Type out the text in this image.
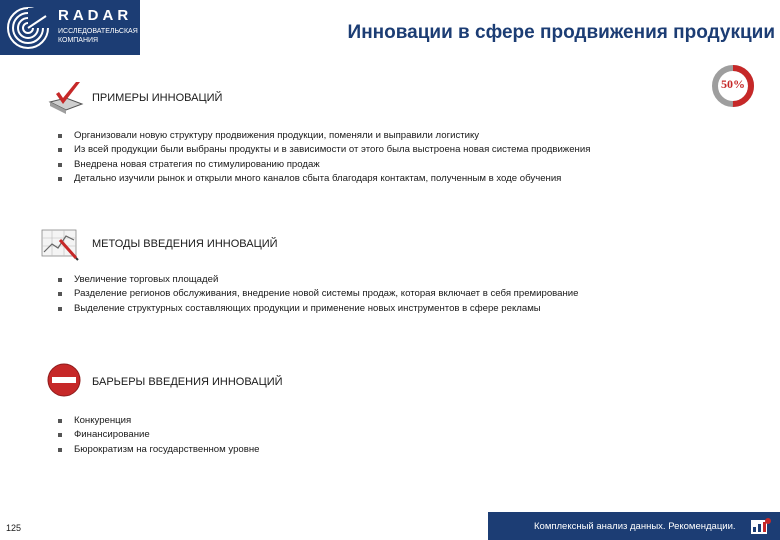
RADAR
ИССЛЕДОВАТЕЛЬСКАЯ
КОМПАНИЯ	Инновации в сфере продвижения продукции
50%
ПРИМЕРЫ ИННОВАЦИЙ
Организовали новую структуру продвижения продукции, поменяли и выправили логистику
Из всей продукции были выбраны продукты и в зависимости от этого была выстроена новая система продвижения
Внедрена новая стратегия по стимулированию продаж
Детально изучили рынок и открыли много каналов сбыта благодаря контактам, полученным в ходе обучения
МЕТОДЫ ВВЕДЕНИЯ ИННОВАЦИЙ
Увеличение торговых площадей
Разделение регионов обслуживания, внедрение новой системы продаж, которая включает в себя премирование
Выделение структурных составляющих продукции и применение новых инструментов в сфере рекламы
БАРЬЕРЫ ВВЕДЕНИЯ ИННОВАЦИЙ
Конкуренция
Финансирование
Бюрократизм на государственном уровне
125	Комплексный анализ данных. Рекомендации.
